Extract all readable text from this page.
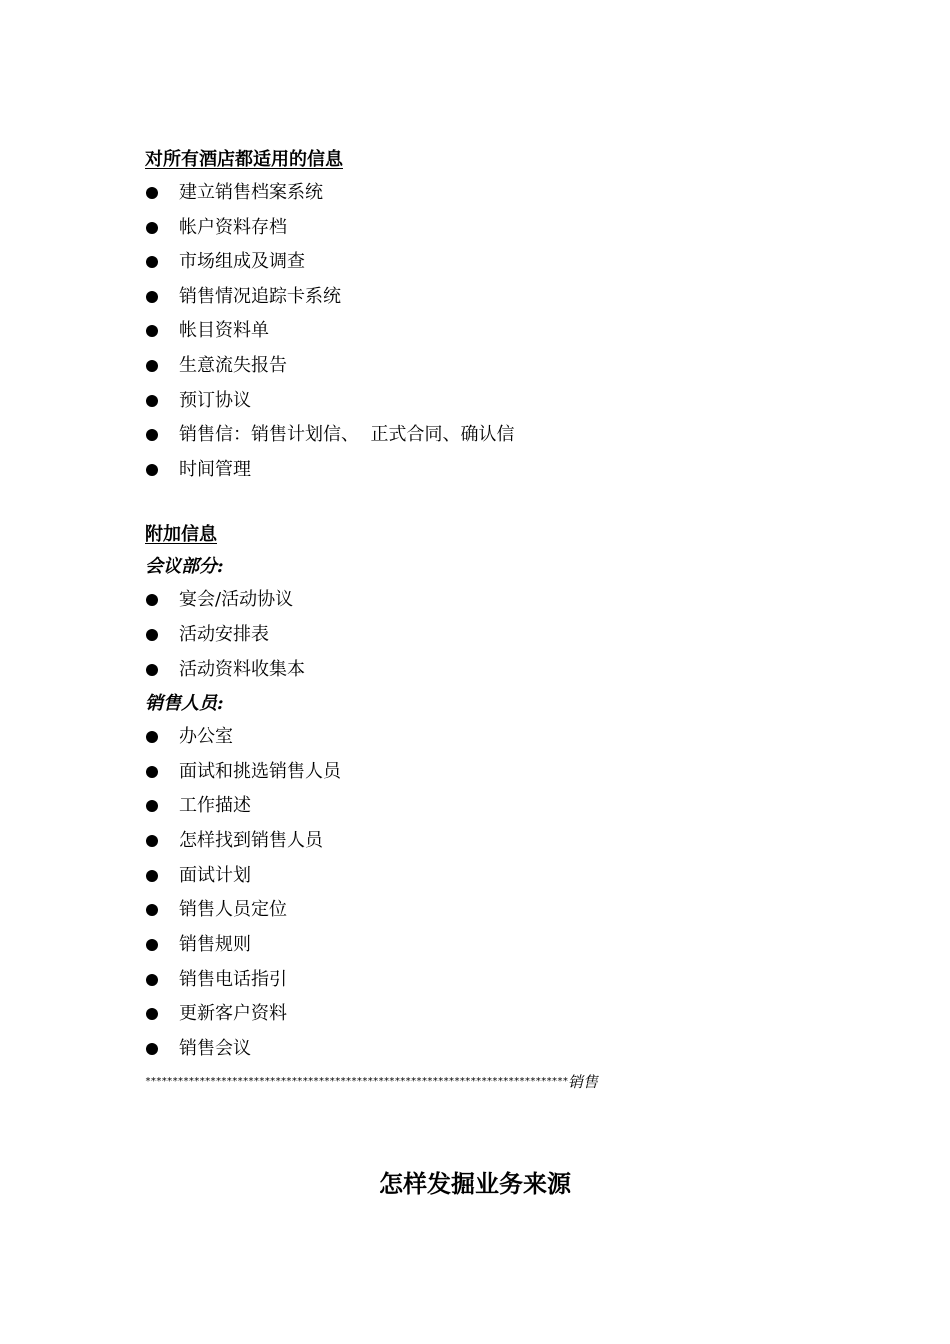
对所有酒店都适用的信息
建立销售档案系统
帐户资料存档
市场组成及调查
销售情况追踪卡系统
帐目资料单
生意流失报告
预订协议
销售信：销售计划信、  正式合同、确认信
时间管理
附加信息
会议部分:
宴会/活动协议
活动安排表
活动资料收集本
销售人员:
办公室
面试和挑选销售人员
工作描述
怎样找到销售人员
面试计划
销售人员定位
销售规则
销售电话指引
更新客户资料
销售会议
****************************************************************************** 销售
怎样发掘业务来源
